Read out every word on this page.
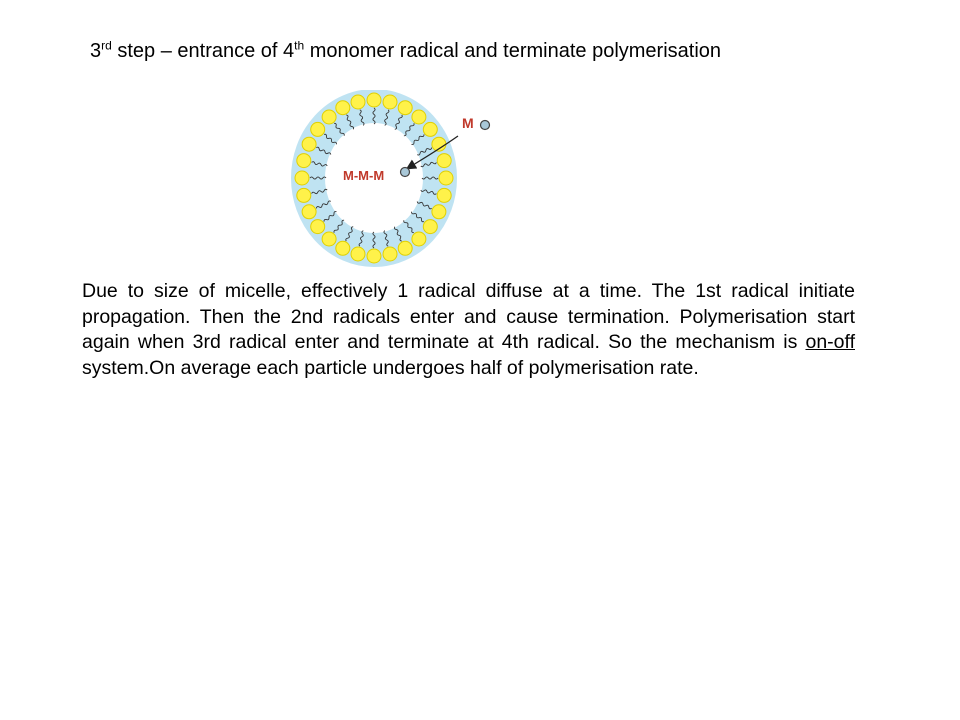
3rd step – entrance of 4th monomer radical and terminate polymerisation
M
M-M-M
Due to size of micelle, effectively 1 radical diffuse at a time. The 1st radical initiate propagation. Then the 2nd radicals enter and cause termination. Polymerisation start again when 3rd radical enter and terminate at 4th radical. So the mechanism is on-off system.On average each particle undergoes half of polymerisation rate.
